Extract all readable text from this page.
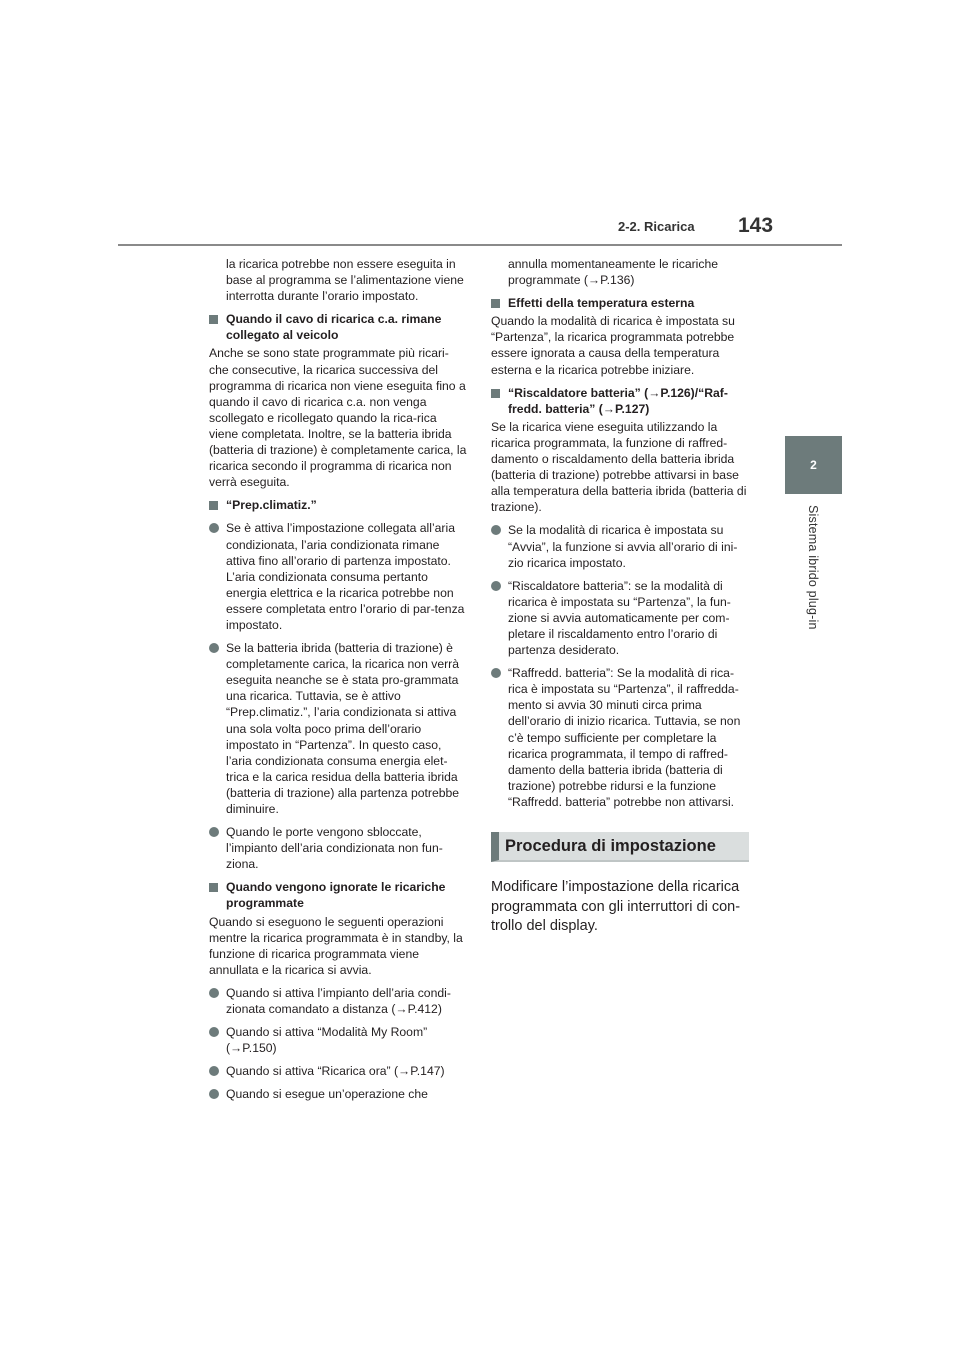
2-2. Ricarica 143
2
Sistema ibrido plug-in

la ricarica potrebbe non essere eseguita in base al programma se l’alimentazione viene interrotta durante l’orario impostato.

Quando il cavo di ricarica c.a. rimane collegato al veicolo

Anche se sono state programmate più ricari-che consecutive, la ricarica successiva del programma di ricarica non viene eseguita fino a quando il cavo di ricarica c.a. non venga scollegato e ricollegato quando la rica-rica viene completata. Inoltre, se la batteria ibrida (batteria di trazione) è completamente carica, la ricarica secondo il programma di ricarica non verrà eseguita.

“Prep.climatiz.”
Se è attiva l’impostazione collegata all’aria condizionata, l’aria condizionata rimane attiva fino all’orario di partenza impostato. L’aria condizionata consuma pertanto energia elettrica e la ricarica potrebbe non essere completata entro l’orario di par-tenza impostato.
Se la batteria ibrida (batteria di trazione) è completamente carica, la ricarica non verrà eseguita neanche se è stata pro-grammata una ricarica. Tuttavia, se è attivo “Prep.climatiz.”, l’aria condizionata si attiva una sola volta poco prima dell’orario impostato in “Partenza”. In questo caso, l’aria condizionata consuma energia elet-trica e la carica residua della batteria ibrida (batteria di trazione) alla partenza potrebbe diminuire.
Quando le porte vengono sbloccate, l’impianto dell’aria condizionata non fun-ziona.
Quando vengono ignorate le ricariche programmate

Quando si eseguono le seguenti operazioni mentre la ricarica programmata è in standby, la funzione di ricarica programmata viene annullata e la ricarica si avvia.

Quando si attiva l’impianto dell’aria condi-zionata comandato a distanza (→P.412)
Quando si attiva “Modalità My Room” (→P.150)
Quando si attiva “Ricarica ora” (→P.147)
Quando si esegue un’operazione che

annulla momentaneamente le ricariche programmate (→P.136)

Effetti della temperatura esterna

Quando la modalità di ricarica è impostata su “Partenza”, la ricarica programmata potrebbe essere ignorata a causa della temperatura esterna e la ricarica potrebbe iniziare.

“Riscaldatore batteria” (→P.126)/“Raf-fredd. batteria” (→P.127)

Se la ricarica viene eseguita utilizzando la ricarica programmata, la funzione di raffred-damento o riscaldamento della batteria ibrida (batteria di trazione) potrebbe attivarsi in base alla temperatura della batteria ibrida (batteria di trazione).

Se la modalità di ricarica è impostata su “Avvia”, la funzione si avvia all’orario di ini-zio ricarica impostato.
“Riscaldatore batteria”: se la modalità di ricarica è impostata su “Partenza”, la fun-zione si avvia automaticamente per com-pletare il riscaldamento entro l’orario di partenza desiderato.
“Raffredd. batteria”: Se la modalità di rica-rica è impostata su “Partenza”, il raffredda-mento si avvia 30 minuti circa prima dell’orario di inizio ricarica. Tuttavia, se non c’è tempo sufficiente per completare la ricarica programmata, il tempo di raffred-damento della batteria ibrida (batteria di trazione) potrebbe ridursi e la funzione “Raffredd. batteria” potrebbe non attivarsi.
Procedura di impostazione
Modificare l’impostazione della ricarica programmata con gli interruttori di con-trollo del display.
